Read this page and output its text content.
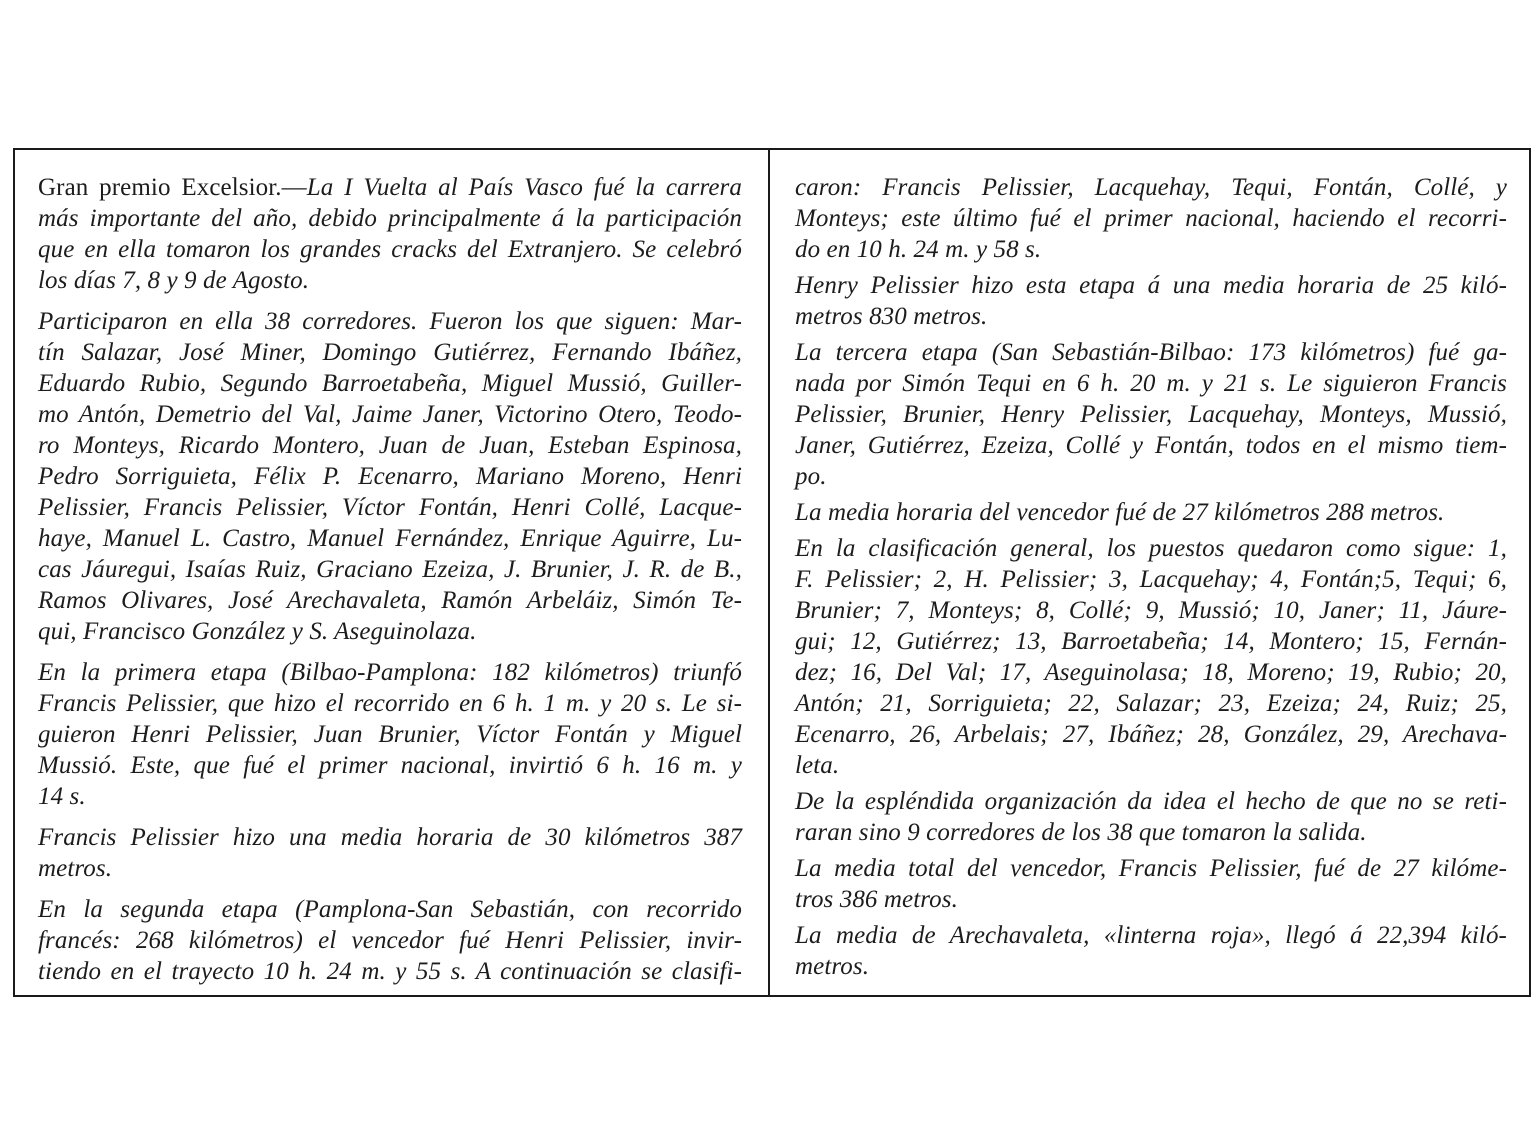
Gran premio Excelsior.—La I Vuelta al País Vasco fué la carrera
más importante del año, debido principalmente á la participación
que en ella tomaron los grandes cracks del Extranjero. Se celebró
los días 7, 8 y 9 de Agosto.
Participaron en ella 38 corredores. Fueron los que siguen: Mar-
tín Salazar, José Miner, Domingo Gutiérrez, Fernando Ibáñez,
Eduardo Rubio, Segundo Barroetabeña, Miguel Mussió, Guiller-
mo Antón, Demetrio del Val, Jaime Janer, Victorino Otero, Teodo-
ro Monteys, Ricardo Montero, Juan de Juan, Esteban Espinosa,
Pedro Sorriguieta, Félix P. Ecenarro, Mariano Moreno, Henri
Pelissier, Francis Pelissier, Víctor Fontán, Henri Collé, Lacque-
haye, Manuel L. Castro, Manuel Fernández, Enrique Aguirre, Lu-
cas Jáuregui, Isaías Ruiz, Graciano Ezeiza, J. Brunier, J. R. de B.,
Ramos Olivares, José Arechavaleta, Ramón Arbeláiz, Simón Te-
qui, Francisco González y S. Aseguinolaza.
En la primera etapa (Bilbao-Pamplona: 182 kilómetros) triunfó
Francis Pelissier, que hizo el recorrido en 6 h. 1 m. y 20 s. Le si-
guieron Henri Pelissier, Juan Brunier, Víctor Fontán y Miguel
Mussió. Este, que fué el primer nacional, invirtió 6 h. 16 m. y
14 s.
Francis Pelissier hizo una media horaria de 30 kilómetros 387
metros.
En la segunda etapa (Pamplona-San Sebastián, con recorrido
francés: 268 kilómetros) el vencedor fué Henri Pelissier, invir-
tiendo en el trayecto 10 h. 24 m. y 55 s. A continuación se clasifi-
caron: Francis Pelissier, Lacquehay, Tequi, Fontán, Collé, y
Monteys; este último fué el primer nacional, haciendo el recorri-
do en 10 h. 24 m. y 58 s.
Henry Pelissier hizo esta etapa á una media horaria de 25 kiló-
metros 830 metros.
La tercera etapa (San Sebastián-Bilbao: 173 kilómetros) fué ga-
nada por Simón Tequi en 6 h. 20 m. y 21 s. Le siguieron Francis
Pelissier, Brunier, Henry Pelissier, Lacquehay, Monteys, Mussió,
Janer, Gutiérrez, Ezeiza, Collé y Fontán, todos en el mismo tiem-
po.
La media horaria del vencedor fué de 27 kilómetros 288 metros.
En la clasificación general, los puestos quedaron como sigue: 1,
F. Pelissier; 2, H. Pelissier; 3, Lacquehay; 4, Fontán;5, Tequi; 6,
Brunier; 7, Monteys; 8, Collé; 9, Mussió; 10, Janer; 11, Jáure-
gui; 12, Gutiérrez; 13, Barroetabeña; 14, Montero; 15, Fernán-
dez; 16, Del Val; 17, Aseguinolasa; 18, Moreno; 19, Rubio; 20,
Antón; 21, Sorriguieta; 22, Salazar; 23, Ezeiza; 24, Ruiz; 25,
Ecenarro, 26, Arbelais; 27, Ibáñez; 28, González, 29, Arechava-
leta.
De la espléndida organización da idea el hecho de que no se reti-
raran sino 9 corredores de los 38 que tomaron la salida.
La media total del vencedor, Francis Pelissier, fué de 27 kilóme-
tros 386 metros.
La media de Arechavaleta, «linterna roja», llegó á 22,394 kiló-
metros.
